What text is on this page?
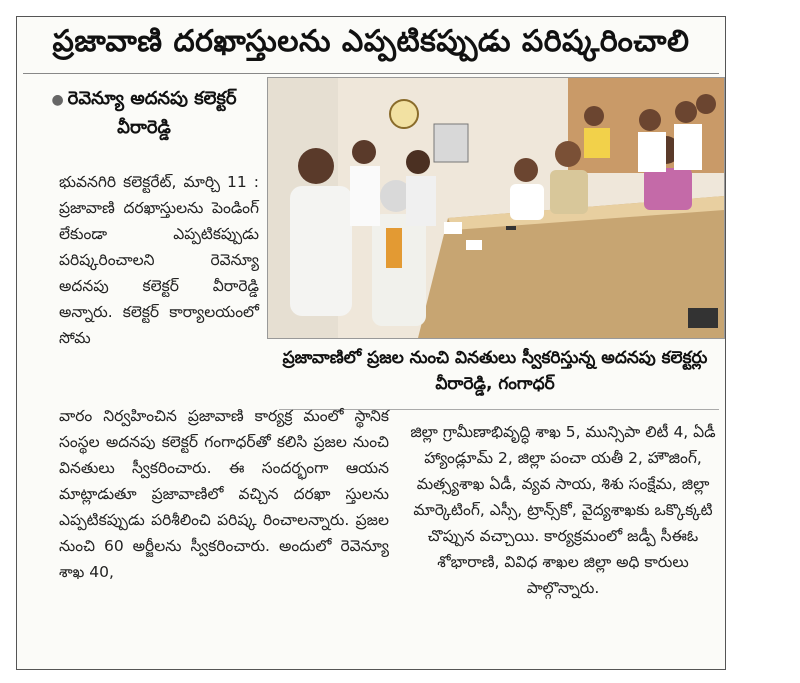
ప్రజావాణి దరఖాస్తులను ఎప్పటికప్పుడు పరిష్కరించాలి
● రెవెన్యూ అదనపు కలెక్టర్ వీరారెడ్డి
ప్రజావాణిలో ప్రజల నుంచి వినతులు స్వీకరిస్తున్న అదనపు కలెక్టర్లు వీరారెడ్డి, గంగాధర్
భువనగిరి కలెక్టరేట్, మార్చి 11 : ప్రజావాణి దరఖాస్తులను పెండింగ్ లేకుండా ఎప్పటికప్పుడు పరిష్కరించాలని రెవెన్యూ అదనపు కలెక్టర్ వీరారెడ్డి అన్నారు. కలెక్టర్ కార్యాలయంలో సోమ
వారం నిర్వహించిన ప్రజావాణి కార్యక్ర మంలో స్థానిక సంస్థల అదనపు కలెక్టర్ గంగాధర్‌తో కలిసి ప్రజల నుంచి వినతులు స్వీకరించారు. ఈ సందర్భంగా ఆయన మాట్లాడుతూ ప్రజావాణిలో వచ్చిన దరఖా స్తులను ఎప్పటికప్పుడు పరిశీలించి పరిష్క రించాలన్నారు. ప్రజల నుంచి 60 అర్జీలను స్వీకరించారు. అందులో రెవెన్యూ శాఖ 40,
జిల్లా గ్రామీణాభివృద్ధి శాఖ 5, మున్సిపా లిటీ 4, ఏడీ హ్యాండ్లూమ్ 2, జిల్లా పంచా యతీ 2, హౌజింగ్, మత్స్యశాఖ ఏడీ, వ్యవ సాయ, శిశు సంక్షేమ, జిల్లా మార్కెటింగ్, ఎస్సీ, ట్రాన్స్‌కో, వైద్యశాఖకు ఒక్కొక్కటి చొప్పున వచ్చాయి. కార్యక్రమంలో జడ్పీ సీఈఓ శోభారాణి, వివిధ శాఖల జిల్లా అధి కారులు పాల్గొన్నారు.
